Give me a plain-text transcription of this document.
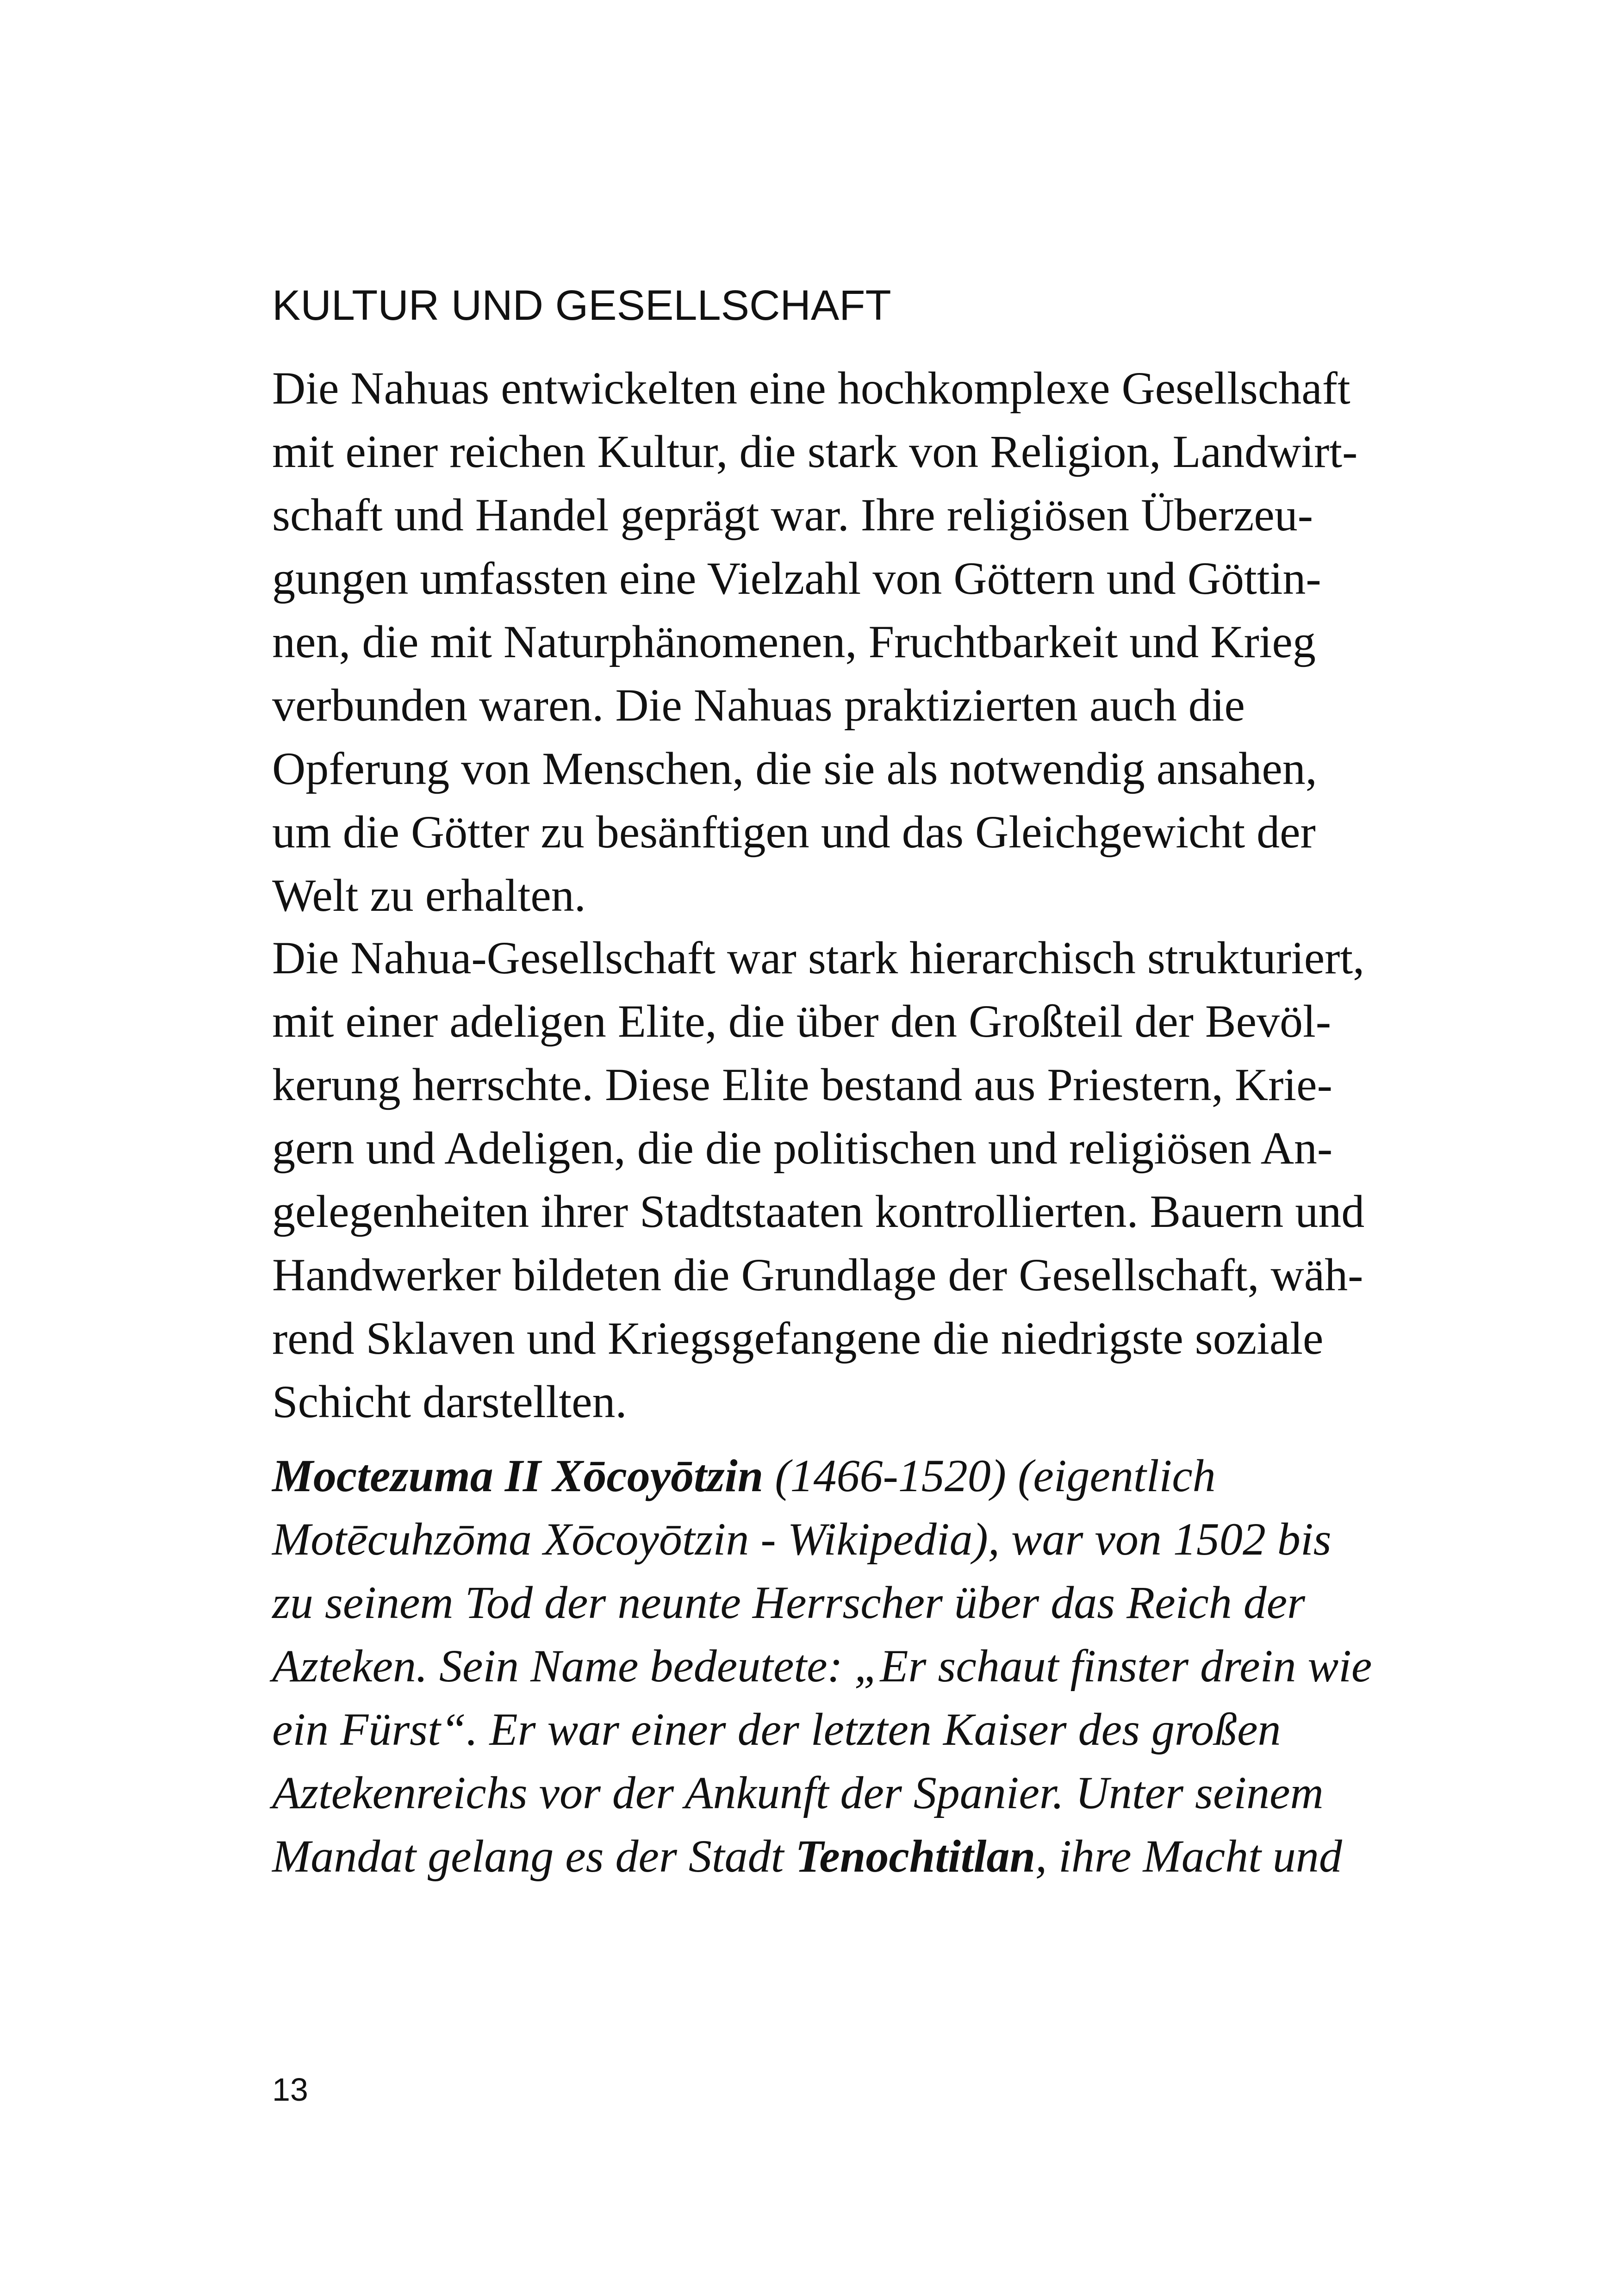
KULTUR UND GESELLSCHAFT

Die Nahuas entwickelten eine hochkomplexe Gesellschaft
mit einer reichen Kultur, die stark von Religion, Landwirt-
schaft und Handel geprägt war. Ihre religiösen Überzeu-
gungen umfassten eine Vielzahl von Göttern und Göttin-
nen, die mit Naturphänomenen, Fruchtbarkeit und Krieg
verbunden waren. Die Nahuas praktizierten auch die
Opferung von Menschen, die sie als notwendig ansahen,
um die Götter zu besänftigen und das Gleichgewicht der
Welt zu erhalten.

Die Nahua-Gesellschaft war stark hierarchisch strukturiert,
mit einer adeligen Elite, die über den Großteil der Bevöl-
kerung herrschte. Diese Elite bestand aus Priestern, Krie-
gern und Adeligen, die die politischen und religiösen An-
gelegenheiten ihrer Stadtstaaten kontrollierten. Bauern und
Handwerker bildeten die Grundlage der Gesellschaft, wäh-
rend Sklaven und Kriegsgefangene die niedrigste soziale
Schicht darstellten.

Moctezuma II Xōcoyōtzin (1466-1520) (eigentlich
Motēcuhzōma Xōcoyōtzin - Wikipedia), war von 1502 bis
zu seinem Tod der neunte Herrscher über das Reich der
Azteken. Sein Name bedeutete: „Er schaut finster drein wie
ein Fürst“. Er war einer der letzten Kaiser des großen
Aztekenreichs vor der Ankunft der Spanier. Unter seinem
Mandat gelang es der Stadt Tenochtitlan, ihre Macht und

13
